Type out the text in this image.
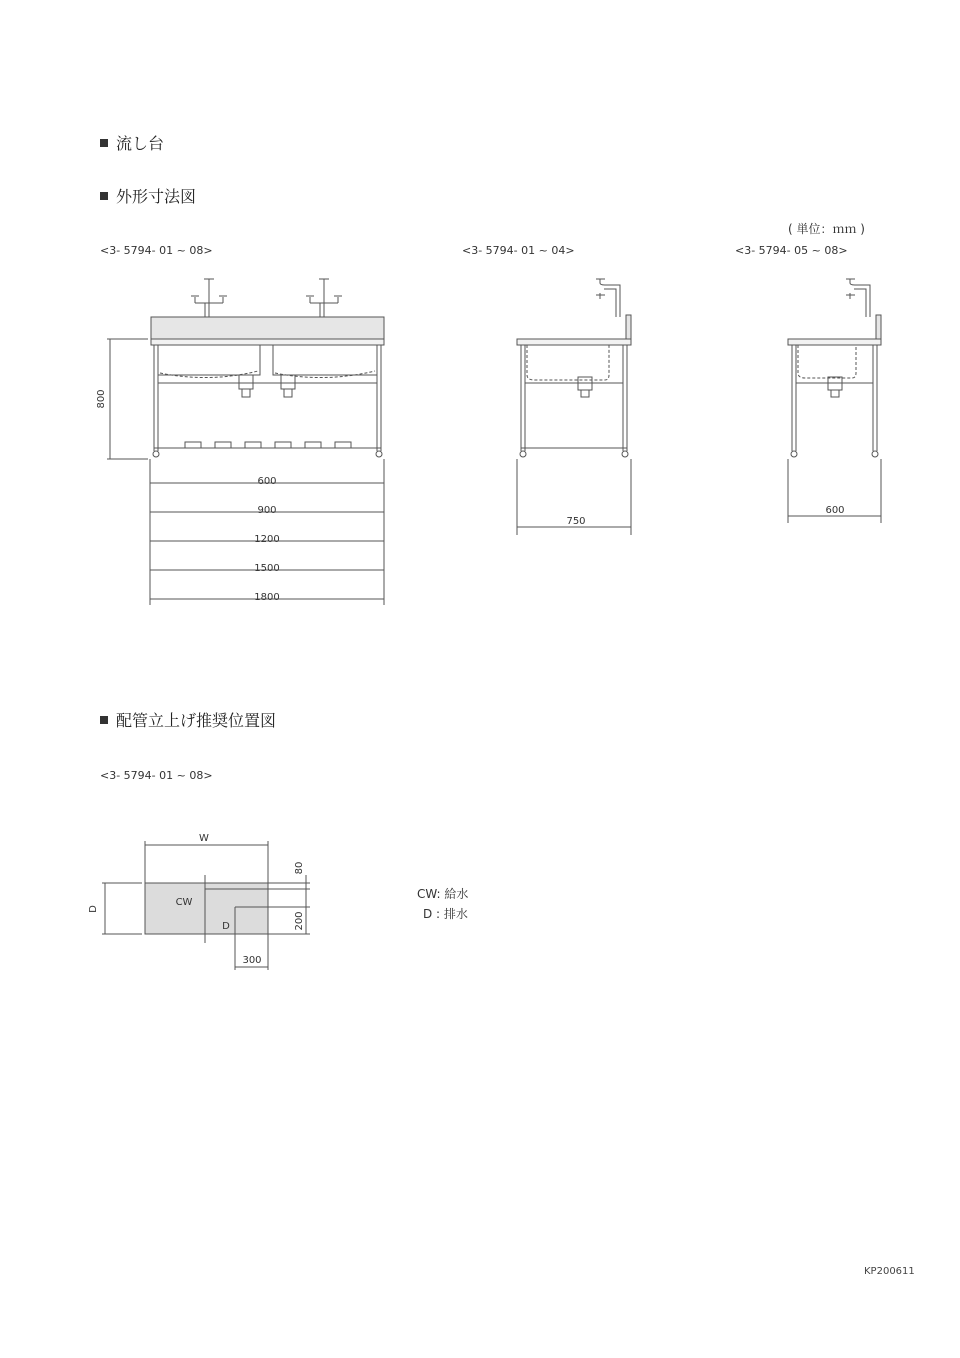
流し台
外形寸法図
( 単位：ｍｍ )
<3- 5794- 01 ~ 08>	<3- 5794- 01 ~ 04>	<3- 5794- 05 ~ 08>
800
600
900
1200
1500
1800
750
600
配管立上げ推奨位置図
<3- 5794- 01 ~ 08>
W
D
CW
D
80
200
300
CW: 給水
D : 排水
KP200611
